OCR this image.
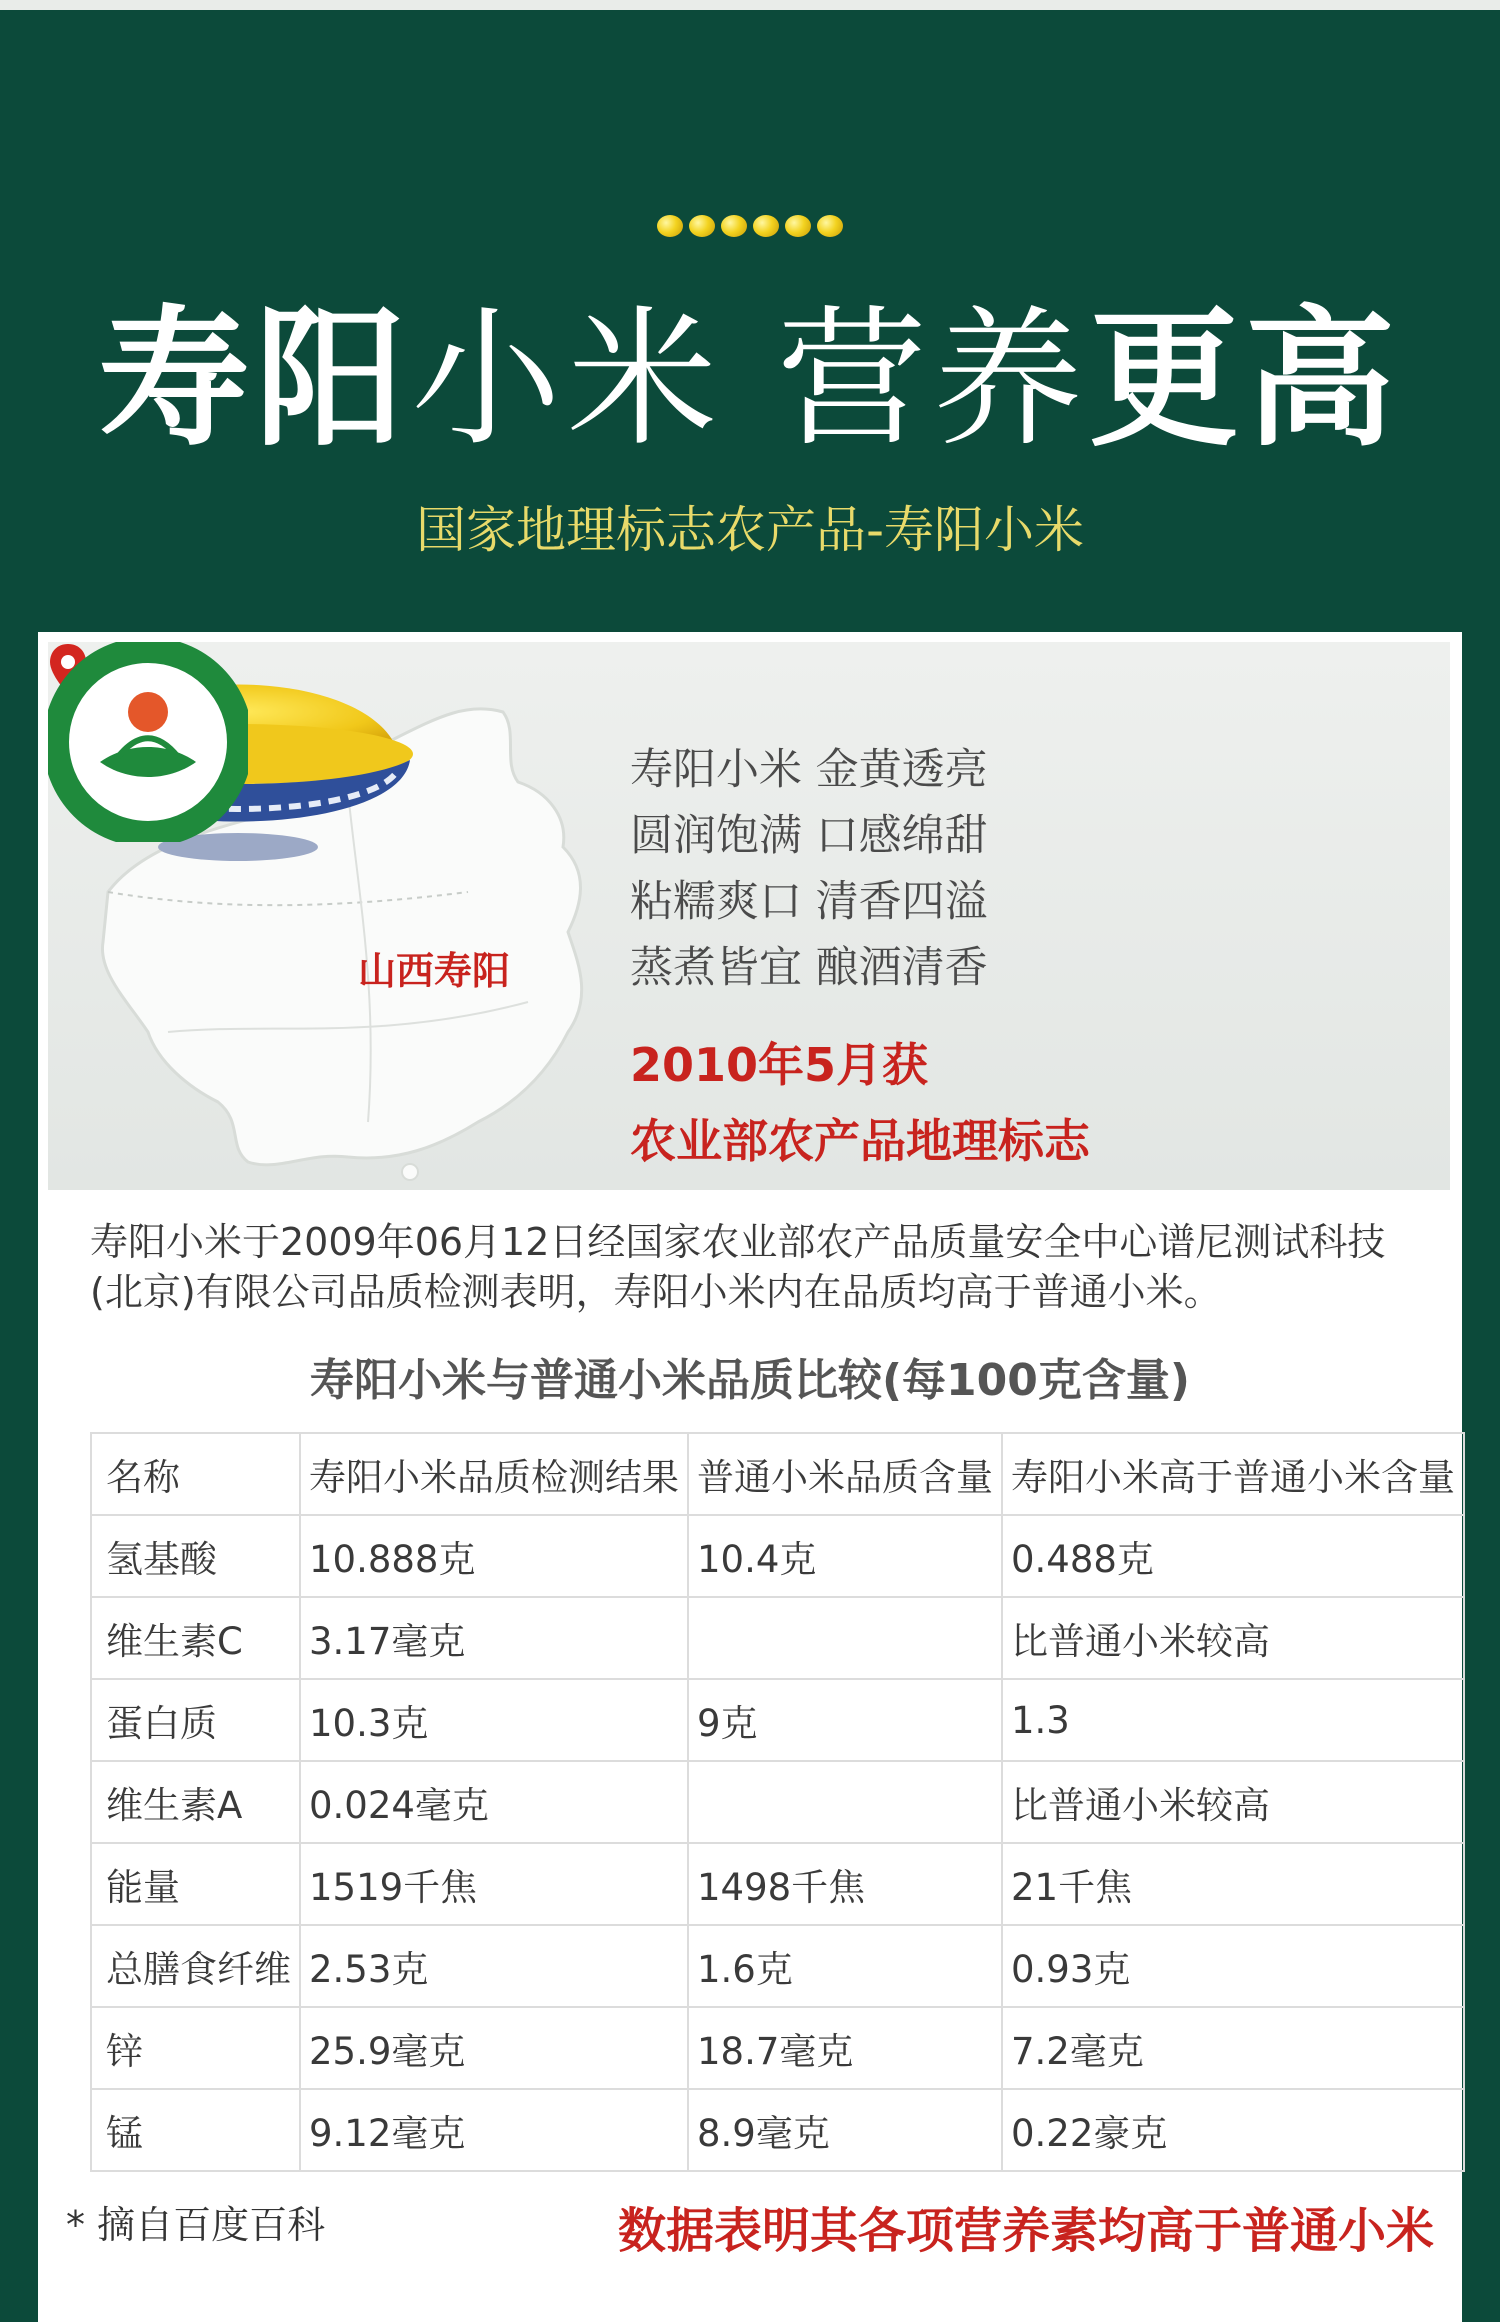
寿阳小米 营养更高
国家地理标志农产品-寿阳小米
山西寿阳
寿阳小米 金黄透亮
圆润饱满 口感绵甜
粘糯爽口 清香四溢
蒸煮皆宜 酿酒清香
2010年5月获
农业部农产品地理标志
寿阳小米于2009年06月12日经国家农业部农产品质量安全中心谱尼测试科技(北京)有限公司品质检测表明，寿阳小米内在品质均高于普通小米。
寿阳小米与普通小米品质比较(每100克含量)
名称	寿阳小米品质检测结果	普通小米品质含量	寿阳小米高于普通小米含量
氢基酸	10.888克	10.4克	0.488克
维生素C	3.17毫克		比普通小米较高
蛋白质	10.3克	9克	1.3
维生素A	0.024毫克		比普通小米较高
能量	1519千焦	1498千焦	21千焦
总膳食纤维	2.53克	1.6克	0.93克
锌	25.9毫克	18.7毫克	7.2毫克
锰	9.12毫克	8.9毫克	0.22豪克
* 摘自百度百科	数据表明其各项营养素均高于普通小米
